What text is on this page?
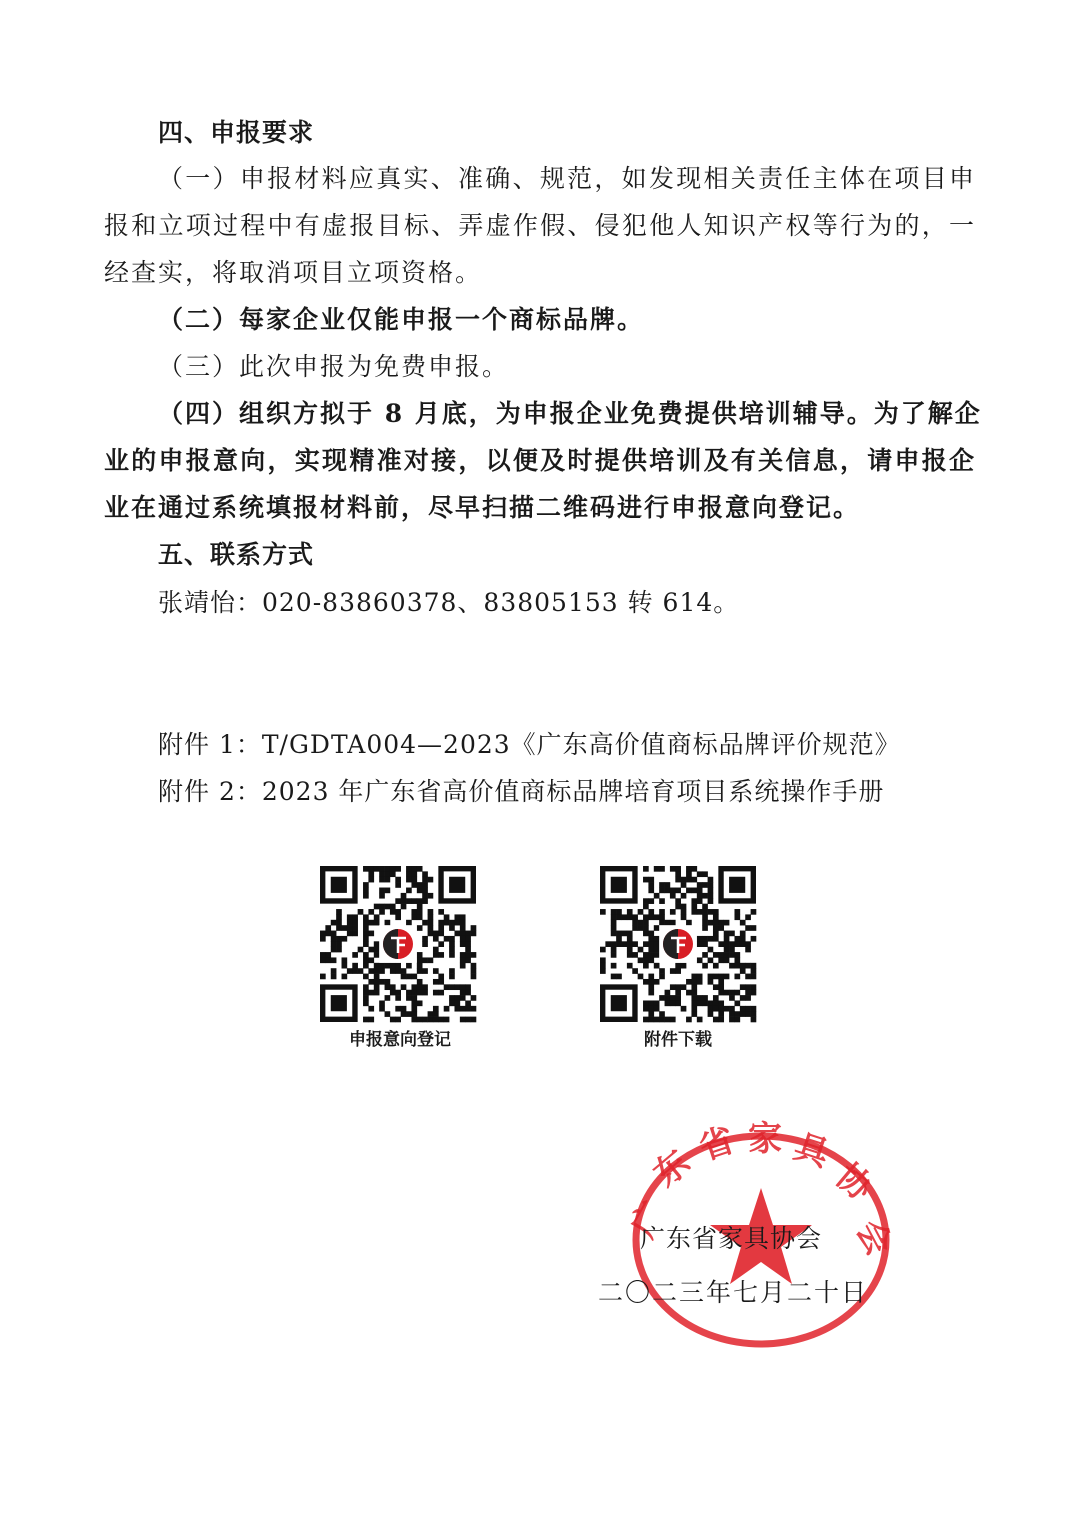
四、申报要求
（一）申报材料应真实、准确、规范，如发现相关责任主体在项目申
报和立项过程中有虚报目标、弄虚作假、侵犯他人知识产权等行为的，一
经查实，将取消项目立项资格。
（二）每家企业仅能申报一个商标品牌。
（三）此次申报为免费申报。
（四）组织方拟于 8 月底，为申报企业免费提供培训辅导。为了解企
业的申报意向，实现精准对接，以便及时提供培训及有关信息，请申报企
业在通过系统填报材料前，尽早扫描二维码进行申报意向登记。
五、联系方式
张靖怡：020-83860378、83805153 转 614。
附件 1：T/GDTA004—2023《广东高价值商标品牌评价规范》
附件 2：2023 年广东省高价值商标品牌培育项目系统操作手册
申报意向登记	附件下载
广
东
省 家 具
协
会
广东省家具协会
二〇二三年七月二十日
